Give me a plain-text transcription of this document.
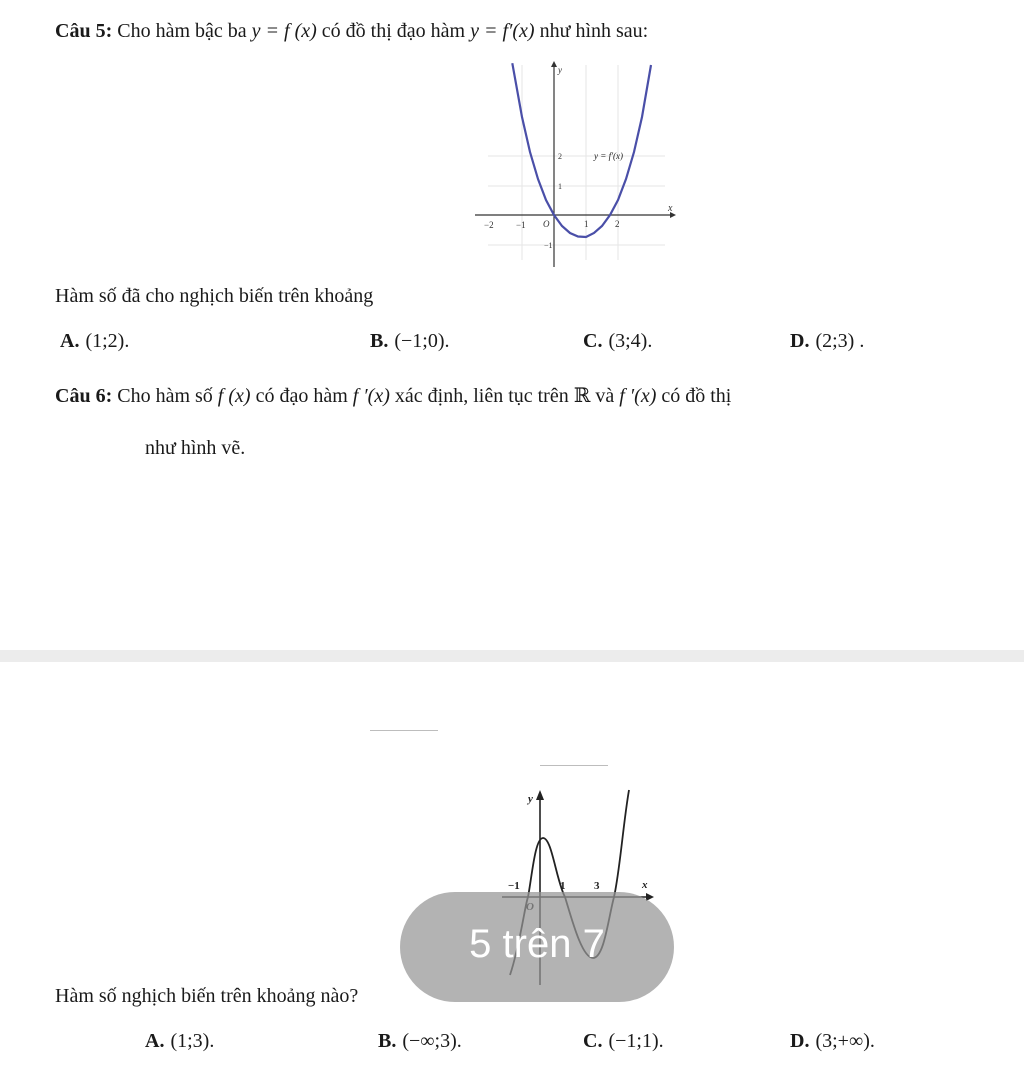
Câu 5: Cho hàm bậc ba y = f (x) có đồ thị đạo hàm y = f′(x) như hình sau:
y = f′(x)
−2 −1 O	1	2
2
1
−1
x
y
Hàm số đã cho nghịch biến trên khoảng
A. (1;2).	B. (−1;0).	C. (3;4).	D. (2;3) .
Câu 6: Cho hàm số f (x) có đạo hàm f ′(x) xác định, liên tục trên ℝ và f ′(x) có đồ thị
như hình vẽ.
y
x
−1	1	3
Hàm số nghịch biến trên khoảng nào?
A. (1;3).	B. (−∞;3).	C. (−1;1).	D. (3;+∞).
5 trên 7
